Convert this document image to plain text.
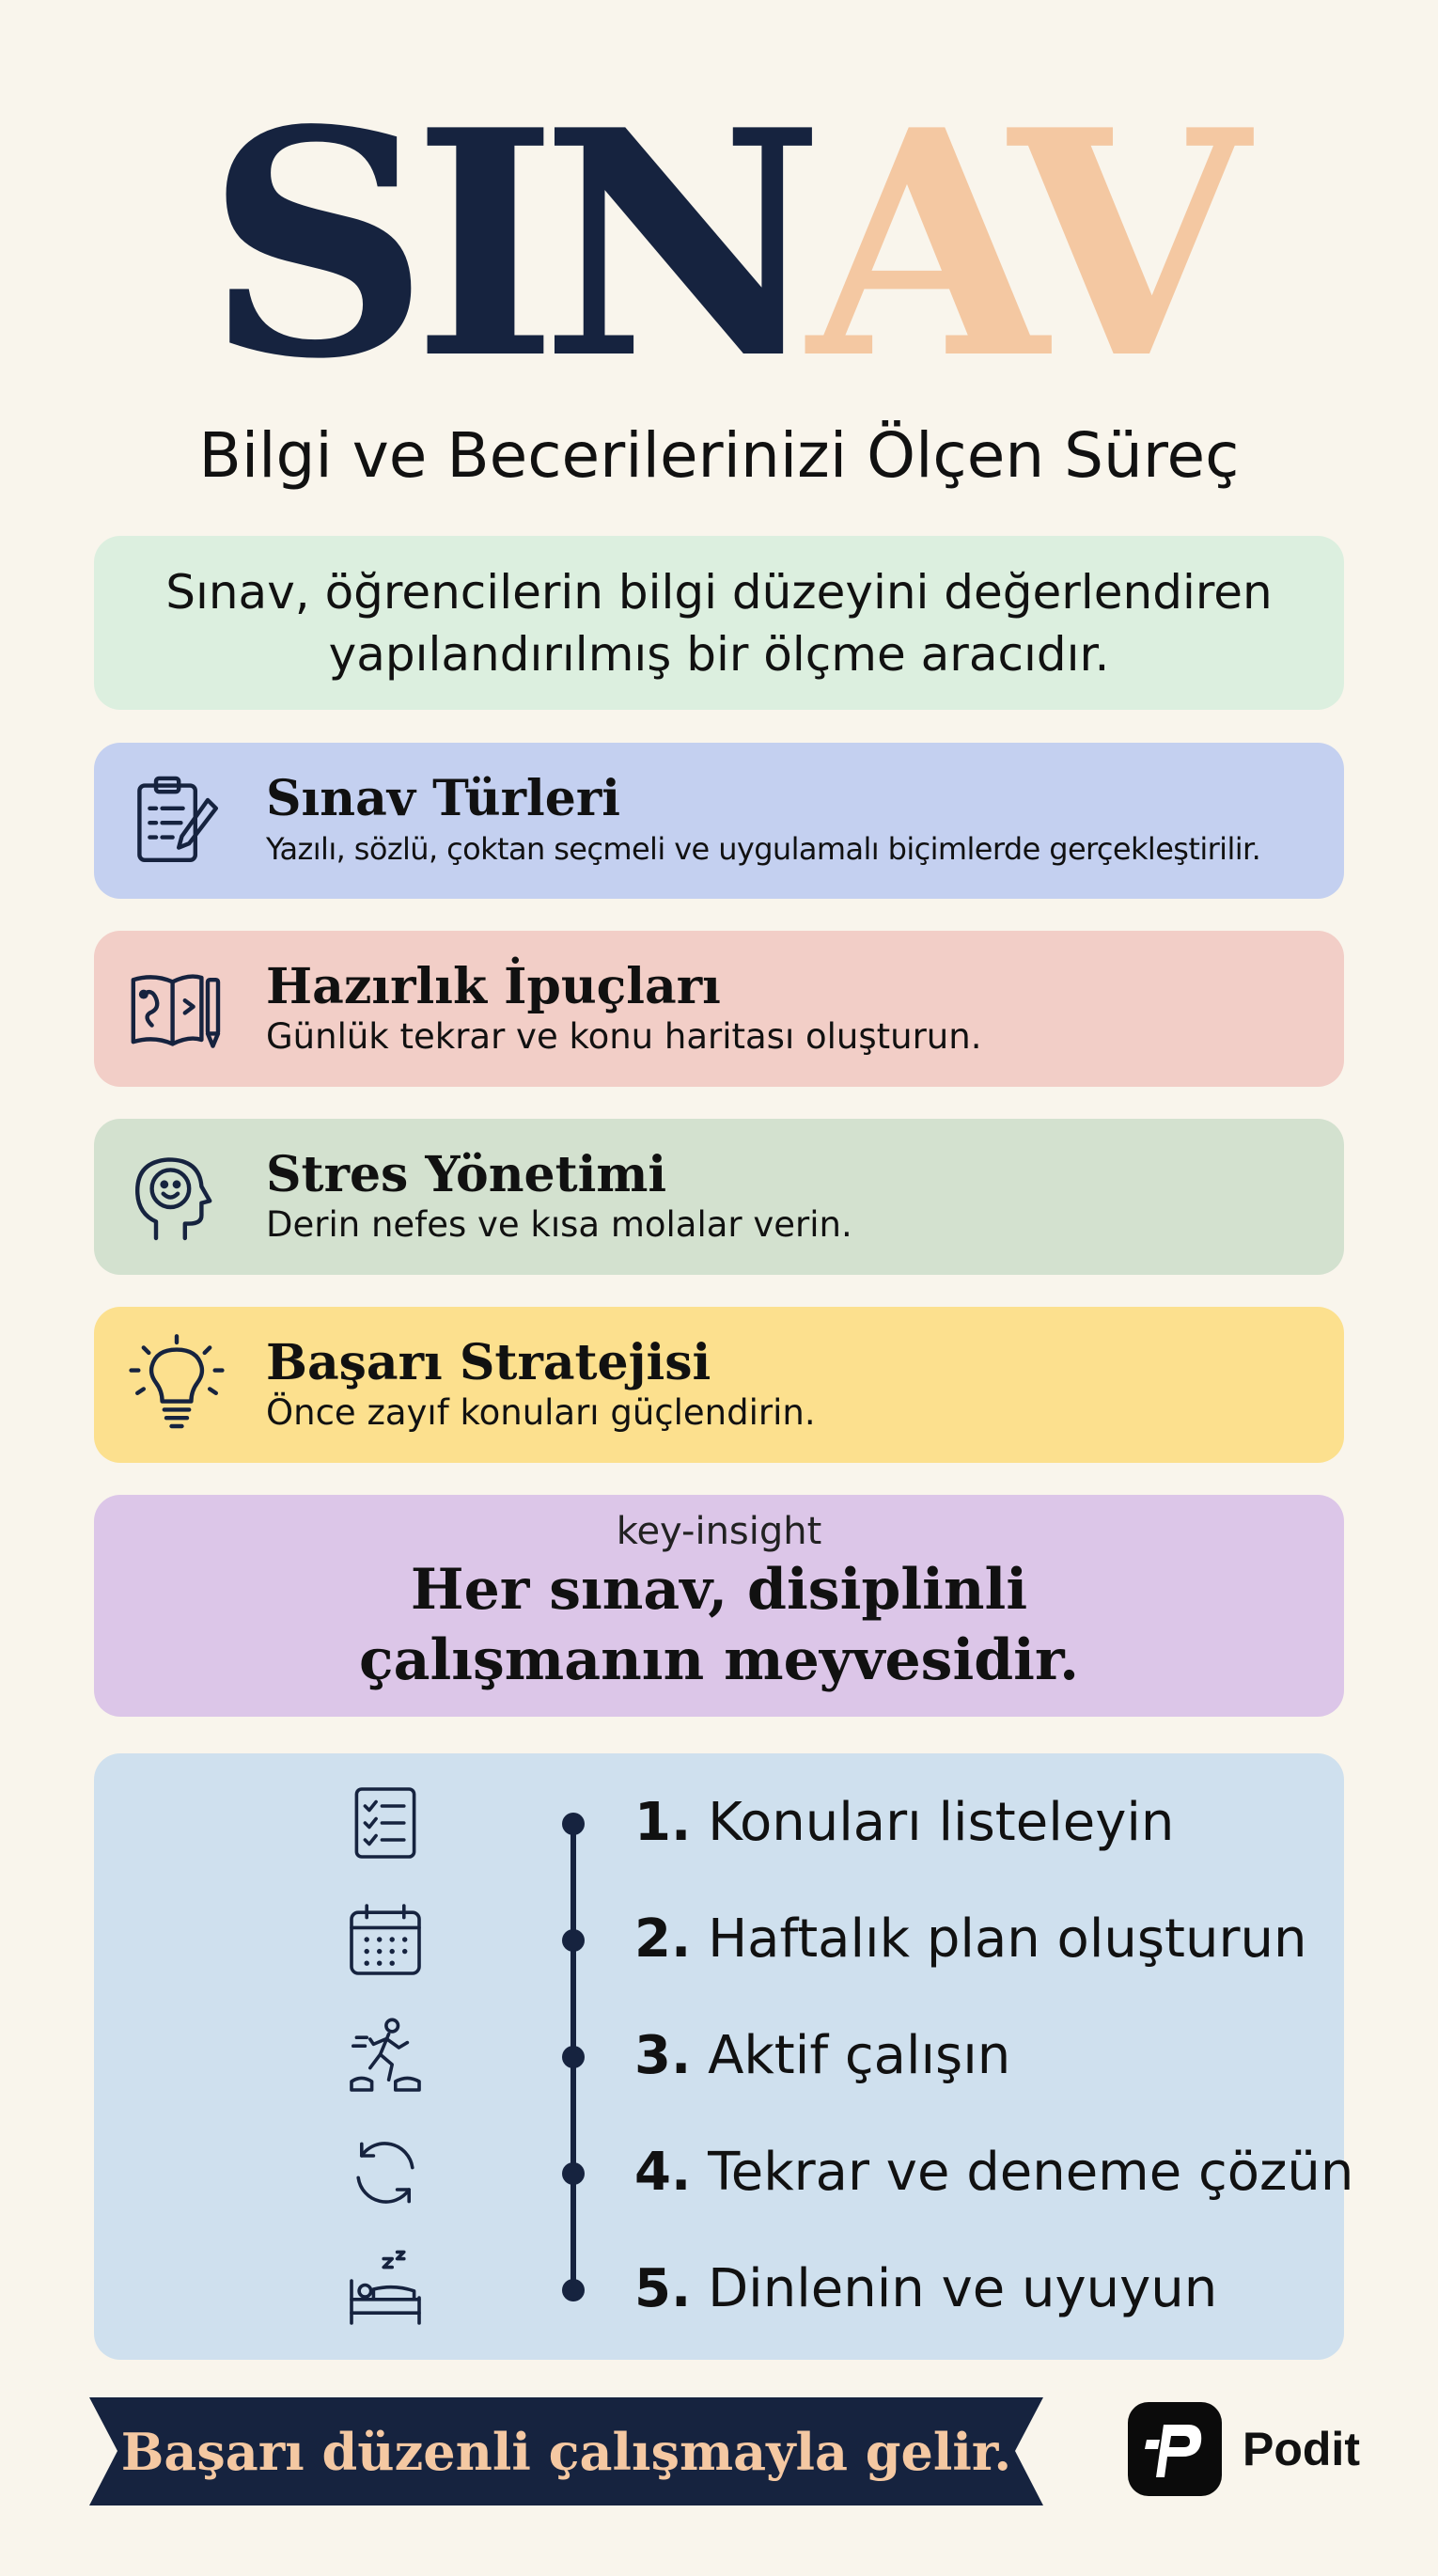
SINAV
Bilgi ve Becerilerinizi Ölçen Süreç
Sınav, öğrencilerin bilgi düzeyini değerlendiren yapılandırılmış bir ölçme aracıdır.
Sınav Türleri
Yazılı, sözlü, çoktan seçmeli ve uygulamalı biçimlerde gerçekleştirilir.
Hazırlık İpuçları
Günlük tekrar ve konu haritası oluşturun.
Stres Yönetimi
Derin nefes ve kısa molalar verin.
Başarı Stratejisi
Önce zayıf konuları güçlendirin.
key-insight
Her sınav, disiplinli
çalışmanın meyvesidir.
1. Konuları listeleyin
2. Haftalık plan oluşturun
3. Aktif çalışın
4. Tekrar ve deneme çözün
5. Dinlenin ve uyuyun
Başarı düzenli çalışmayla gelir.	Podit
